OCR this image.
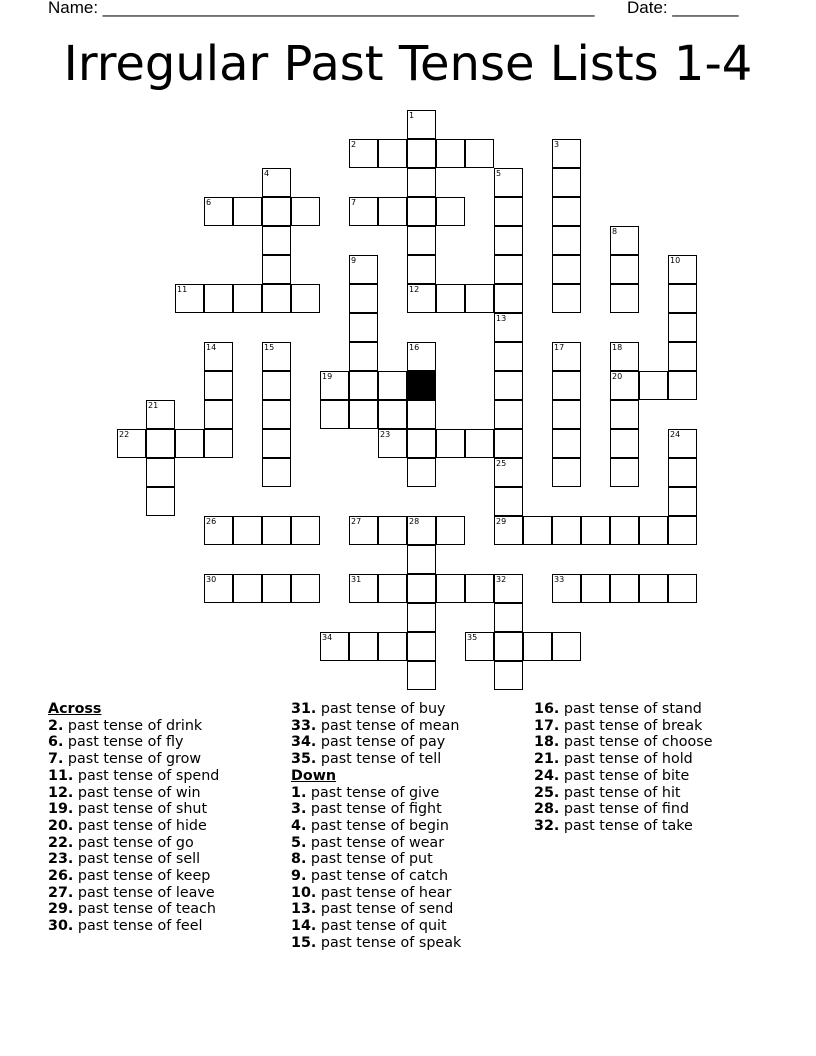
Name: ____________________________________________________ Date: _______
Irregular Past Tense Lists 1-4
1
2	3
4	5
6	7
8
9	10
11	12
13
14	15	16	17	18
19	20
21
22	23	24
25
26	27	28	29
30	31	32	33
34	35
Across
2. past tense of drink
6. past tense of fly
7. past tense of grow
11. past tense of spend
12. past tense of win
19. past tense of shut
20. past tense of hide
22. past tense of go
23. past tense of sell
26. past tense of keep
27. past tense of leave
29. past tense of teach
30. past tense of feel
31. past tense of buy
33. past tense of mean
34. past tense of pay
35. past tense of tell
Down
1. past tense of give
3. past tense of fight
4. past tense of begin
5. past tense of wear
8. past tense of put
9. past tense of catch
10. past tense of hear
13. past tense of send
14. past tense of quit
15. past tense of speak
16. past tense of stand
17. past tense of break
18. past tense of choose
21. past tense of hold
24. past tense of bite
25. past tense of hit
28. past tense of find
32. past tense of take
